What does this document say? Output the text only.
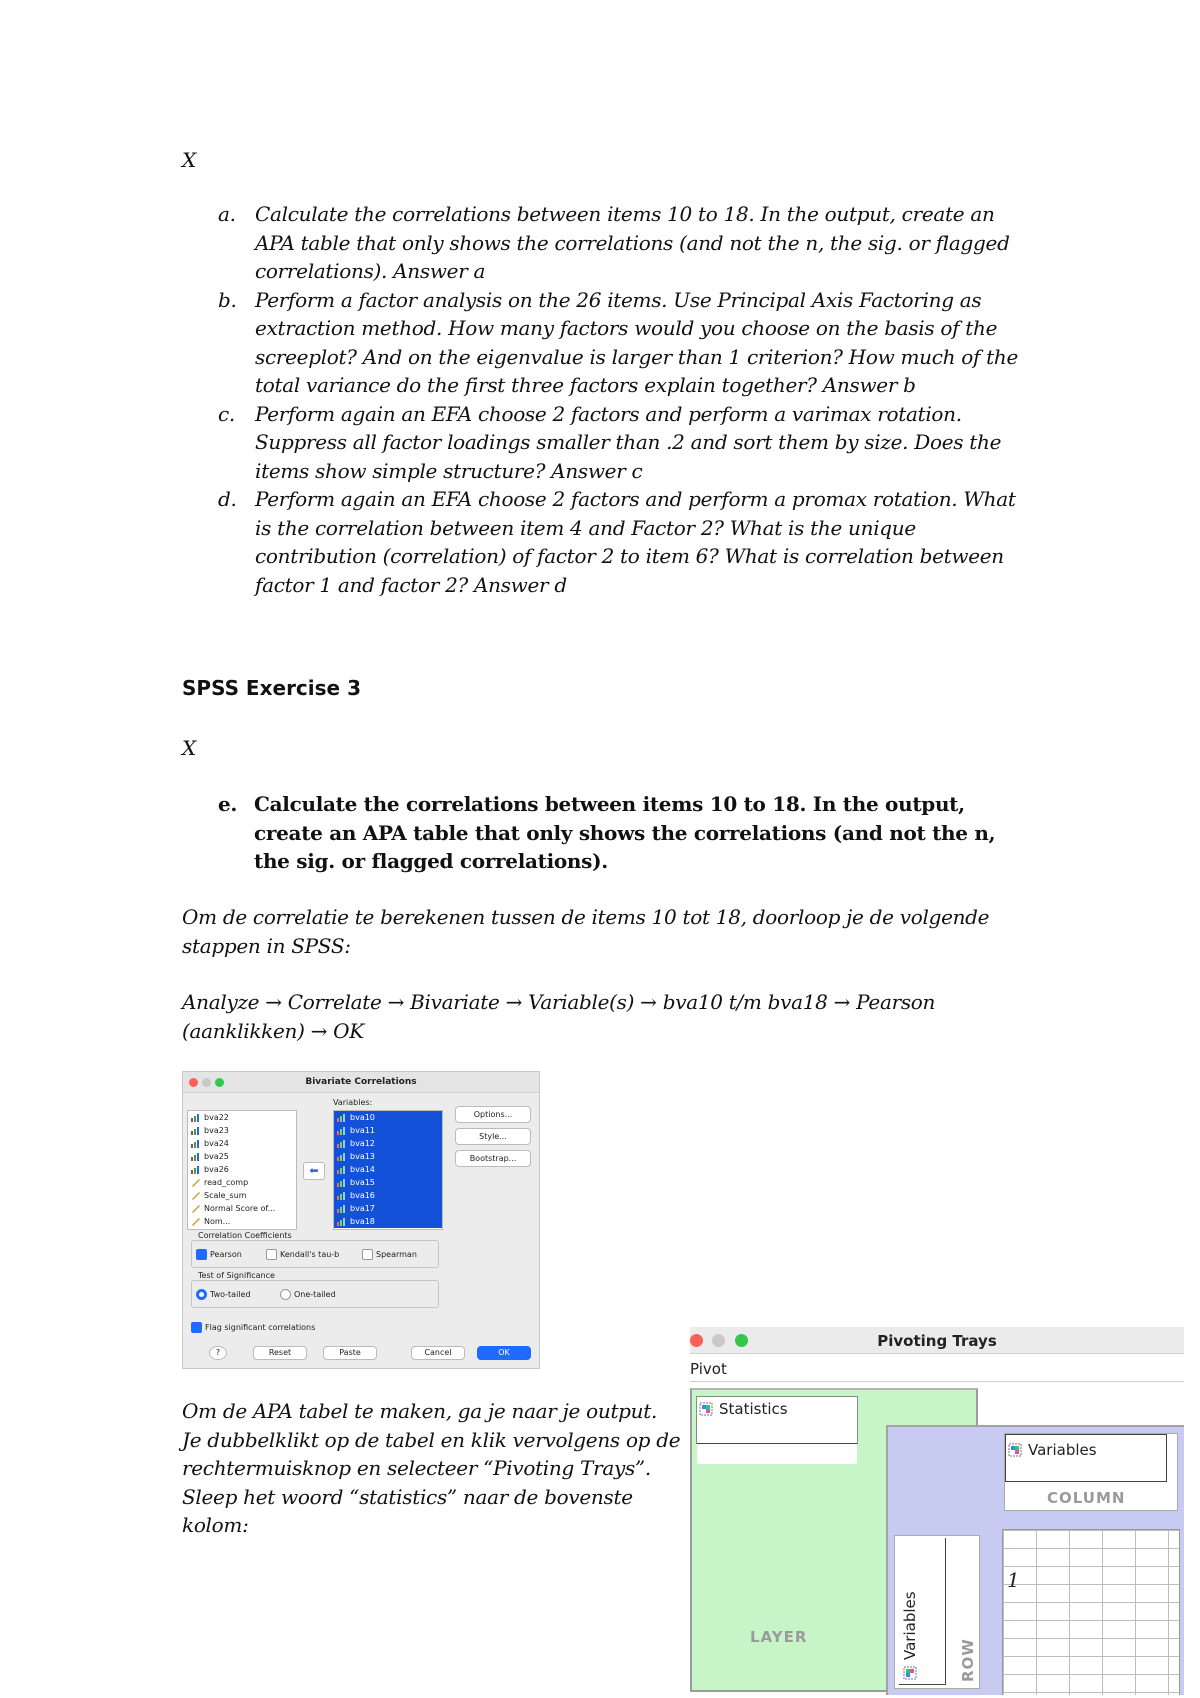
X
a. Calculate the correlations between items 10 to 18. In the output, create an APA table that only shows the correlations (and not the n, the sig. or flagged correlations). Answer a
b. Perform a factor analysis on the 26 items. Use Principal Axis Factoring as extraction method. How many factors would you choose on the basis of the screeplot? And on the eigenvalue is larger than 1 criterion? How much of the total variance do the first three factors explain together? Answer b
c. Perform again an EFA choose 2 factors and perform a varimax rotation. Suppress all factor loadings smaller than .2 and sort them by size. Does the items show simple structure? Answer c
d. Perform again an EFA choose 2 factors and perform a promax rotation. What is the correlation between item 4 and Factor 2? What is the unique contribution (correlation) of factor 2 to item 6? What is correlation between factor 1 and factor 2? Answer d
SPSS Exercise 3
X
e. Calculate the correlations between items 10 to 18. In the output, create an APA table that only shows the correlations (and not the n, the sig. or flagged correlations).
Om de correlatie te berekenen tussen de items 10 tot 18, doorloop je de volgende stappen in SPSS:
Analyze → Correlate → Bivariate → Variable(s) → bva10 t/m bva18 → Pearson (aanklikken) → OK
Bivariate Correlations
bva22
bva23
bva24
bva25
bva26
read_comp
Scale_sum
Normal Score of...
Nom...
⬅
Variables:
bva10
bva11
bva12
bva13
bva14
bva15
bva16
bva17
bva18
Options...
Style...
Bootstrap...
Correlation Coefficients
Pearson	Kendall's tau-b	Spearman
Test of Significance
Two-tailed	One-tailed
Flag significant correlations
?	Reset	Paste	Cancel	OK
Om de APA tabel te maken, ga je naar je output. Je dubbelklikt op de tabel en klik vervolgens op de rechtermuisknop en selecteer “Pivoting Trays”. Sleep het woord “statistics” naar de bovenste kolom:
Pivoting Trays
Pivot
Statistics
LAYER
Variables
COLUMN
Variables
ROW
1
